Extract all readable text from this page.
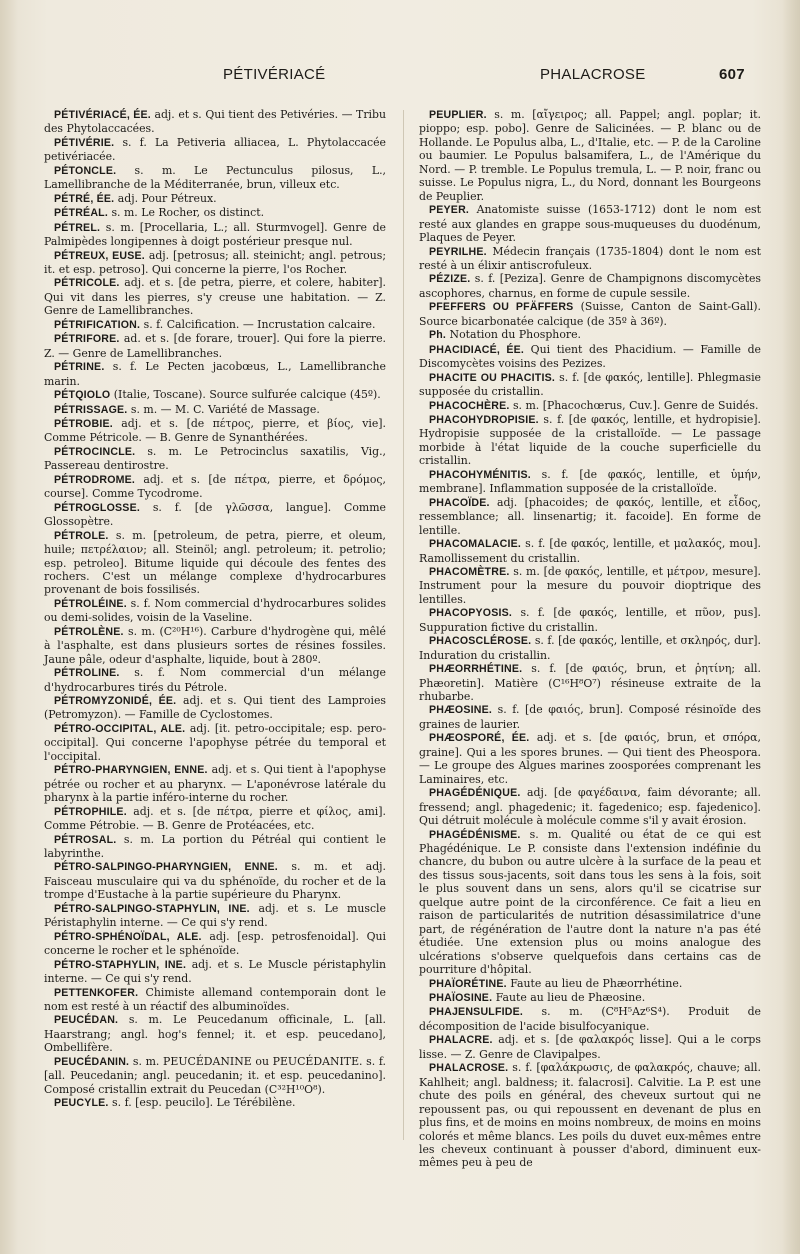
PÉTIVÉRIACÉ	PHALACROSE	607

PÉTIVÉRIACÉ, ÉE. adj. et s. Qui tient des Petivéries. — Tribu des Phytolaccacées.

PÉTIVÉRIE. s. f. La Petiveria alliacea, L. Phytolaccacée petivériacée.

PÉTONCLE. s. m. Le Pectunculus pilosus, L., Lamellibranche de la Méditerranée, brun, villeux etc.

PÉTRÉ, ÉE. adj. Pour Pétreux.

PÉTRÉAL. s. m. Le Rocher, os distinct.

PÉTREL. s. m. [Procellaria, L.; all. Sturmvogel]. Genre de Palmipèdes longipennes à doigt postérieur presque nul.

PÉTREUX, EUSE. adj. [petrosus; all. steinicht; angl. petrous; it. et esp. petroso]. Qui concerne la pierre, l'os Rocher.

PÉTRICOLE. adj. et s. [de petra, pierre, et colere, habiter]. Qui vit dans les pierres, s'y creuse une habitation. — Z. Genre de Lamellibranches.

PÉTRIFICATION. s. f. Calcification. — Incrustation calcaire.

PÉTRIFORE. ad. et s. [de forare, trouer]. Qui fore la pierre. Z. — Genre de Lamellibranches.

PÉTRINE. s. f. Le Pecten jacobœus, L., Lamellibranche marin.

PÉTQIOLO (Italie, Toscane). Source sulfurée calcique (45º).

PÉTRISSAGE. s. m. — M. C. Variété de Massage.

PÉTROBIE. adj. et s. [de πέτρος, pierre, et βίος, vie]. Comme Pétricole. — B. Genre de Synanthérées.

PÉTROCINCLE. s. m. Le Petrocinclus saxatilis, Vig., Passereau dentirostre.

PÉTRODROME. adj. et s. [de πέτρα, pierre, et δρόμος, course]. Comme Tycodrome.

PÉTROGLOSSE. s. f. [de γλῶσσα, langue]. Comme Glossopètre.

PÉTROLE. s. m. [petroleum, de petra, pierre, et oleum, huile; πετρέλαιον; all. Steinöl; angl. petroleum; it. petrolio; esp. petroleo]. Bitume liquide qui découle des fentes des rochers. C'est un mélange complexe d'hydrocarbures provenant de bois fossilisés.

PÉTROLÉINE. s. f. Nom commercial d'hydrocarbures solides ou demi-solides, voisin de la Vaseline.

PÉTROLÈNE. s. m. (C²⁰H¹⁶). Carbure d'hydrogène qui, mêlé à l'asphalte, est dans plusieurs sortes de résines fossiles. Jaune pâle, odeur d'asphalte, liquide, bout à 280º.

PÉTROLINE. s. f. Nom commercial d'un mélange d'hydrocarbures tirés du Pétrole.

PÉTROMYZONIDÉ, ÉE. adj. et s. Qui tient des Lamproies (Petromyzon). — Famille de Cyclostomes.

PÉTRO-OCCIPITAL, ALE. adj. [it. petro-occipitale; esp. pero-occipital]. Qui concerne l'apophyse pétrée du temporal et l'occipital.

PÉTRO-PHARYNGIEN, ENNE. adj. et s. Qui tient à l'apophyse pétrée ou rocher et au pharynx. — L'aponévrose latérale du pharynx à la partie inféro-interne du rocher.

PÉTROPHILE. adj. et s. [de πέτρα, pierre et φίλος, ami]. Comme Pétrobie. — B. Genre de Protéacées, etc.

PÉTROSAL. s. m. La portion du Pétréal qui contient le labyrinthe.

PÉTRO-SALPINGO-PHARYNGIEN, ENNE. s. m. et adj. Faisceau musculaire qui va du sphénoïde, du rocher et de la trompe d'Eustache à la partie supérieure du Pharynx.

PÉTRO-SALPINGO-STAPHYLIN, INE. adj. et s. Le muscle Péristaphylin interne. — Ce qui s'y rend.

PÉTRO-SPHÉNOÏDAL, ALE. adj. [esp. petrosfenoidal]. Qui concerne le rocher et le sphénoïde.

PÉTRO-STAPHYLIN, INE. adj. et s. Le Muscle péristaphylin interne. — Ce qui s'y rend.

PETTENKOFER. Chimiste allemand contemporain dont le nom est resté à un réactif des albuminoïdes.

PEUCÉDAN. s. m. Le Peucedanum officinale, L. [all. Haarstrang; angl. hog's fennel; it. et esp. peucedano], Ombellifère.

PEUCÉDANIN. s. m. PEUCÉDANINE ou PEUCÉDANITE. s. f. [all. Peucedanin; angl. peucedanin; it. et esp. peucedanino]. Composé cristallin extrait du Peucedan (C³²H¹⁰O⁸).

PEUCYLE. s. f. [esp. peucilo]. Le Térébilène.

PEUPLIER. s. m. [αἴγειρος; all. Pappel; angl. poplar; it. pioppo; esp. pobo]. Genre de Salicinées. — P. blanc ou de Hollande. Le Populus alba, L., d'Italie, etc. — P. de la Caroline ou baumier. Le Populus balsamifera, L., de l'Amérique du Nord. — P. tremble. Le Populus tremula, L. — P. noir, franc ou suisse. Le Populus nigra, L., du Nord, donnant les Bourgeons de Peuplier.

PEYER. Anatomiste suisse (1653-1712) dont le nom est resté aux glandes en grappe sous-muqueuses du duodénum, Plaques de Peyer.

PEYRILHE. Médecin français (1735-1804) dont le nom est resté à un élixir antiscrofuleux.

PÉZIZE. s. f. [Peziza]. Genre de Champignons discomycètes ascophores, charnus, en forme de cupule sessile.

PFEFFERS OU PFÄFFERS (Suisse, Canton de Saint-Gall). Source bicarbonatée calcique (de 35º à 36º).

Ph. Notation du Phosphore.

PHACIDIACÉ, ÉE. Qui tient des Phacidium. — Famille de Discomycètes voisins des Pezizes.

PHACITE OU PHACITIS. s. f. [de φακός, lentille]. Phlegmasie supposée du cristallin.

PHACOCHÈRE. s. m. [Phacochœrus, Cuv.]. Genre de Suidés.

PHACOHYDROPISIE. s. f. [de φακός, lentille, et hydropisie]. Hydropisie supposée de la cristalloïde. — Le passage morbide à l'état liquide de la couche superficielle du cristallin.

PHACOHYMÉNITIS. s. f. [de φακός, lentille, et ὑμήν, membrane]. Inflammation supposée de la cristalloïde.

PHACOÏDE. adj. [phacoides; de φακός, lentille, et εἶδος, ressemblance; all. linsenartig; it. facoide]. En forme de lentille.

PHACOMALACIE. s. f. [de φακός, lentille, et μαλακός, mou]. Ramollissement du cristallin.

PHACOMÈTRE. s. m. [de φακός, lentille, et μέτρον, mesure]. Instrument pour la mesure du pouvoir dioptrique des lentilles.

PHACOPYOSIS. s. f. [de φακός, lentille, et πῦον, pus]. Suppuration fictive du cristallin.

PHACOSCLÉROSE. s. f. [de φακός, lentille, et σκληρός, dur]. Induration du cristallin.

PHÆORRHÉTINE. s. f. [de φαιός, brun, et ῥητίνη; all. Phæoretin]. Matière (C¹⁶H⁸O⁷) résineuse extraite de la rhubarbe.

PHÆOSINE. s. f. [de φαιός, brun]. Composé résinoïde des graines de laurier.

PHÆOSPORÉ, ÉE. adj. et s. [de φαιός, brun, et σπόρα, graine]. Qui a les spores brunes. — Qui tient des Pheospora. — Le groupe des Algues marines zoosporées comprenant les Laminaires, etc.

PHAGÉDÉNIQUE. adj. [de φαγέδαινα, faim dévorante; all. fressend; angl. phagedenic; it. fagedenico; esp. fajedenico]. Qui détruit molécule à molécule comme s'il y avait érosion.

PHAGÉDÉNISME. s. m. Qualité ou état de ce qui est Phagédénique. Le P. consiste dans l'extension indéfinie du chancre, du bubon ou autre ulcère à la surface de la peau et des tissus sous-jacents, soit dans tous les sens à la fois, soit le plus souvent dans un sens, alors qu'il se cicatrise sur quelque autre point de la circonférence. Ce fait a lieu en raison de particularités de nutrition désassimilatrice d'une part, de régénération de l'autre dont la nature n'a pas été étudiée. Une extension plus ou moins analogue des ulcérations s'observe quelquefois dans certains cas de pourriture d'hôpital.

PHAÏORÉTINE. Faute au lieu de Phæorrhétine.

PHAÏOSINE. Faute au lieu de Phæosine.

PHAJENSULFIDE. s. m. (C⁸H⁵Az⁶S⁴). Produit de décomposition de l'acide bisulfocyanique.

PHALACRE. adj. et s. [de φαλακρός lisse]. Qui a le corps lisse. — Z. Genre de Clavipalpes.

PHALACROSE. s. f. [φαλάκρωσις, de φαλακρός, chauve; all. Kahlheit; angl. baldness; it. falacrosi]. Calvitie. La P. est une chute des poils en général, des cheveux surtout qui ne repoussent pas, ou qui repoussent en devenant de plus en plus fins, et de moins en moins nombreux, de moins en moins colorés et même blancs. Les poils du duvet eux-mêmes entre les cheveux continuant à pousser d'abord, diminuent eux-mêmes peu à peu de
